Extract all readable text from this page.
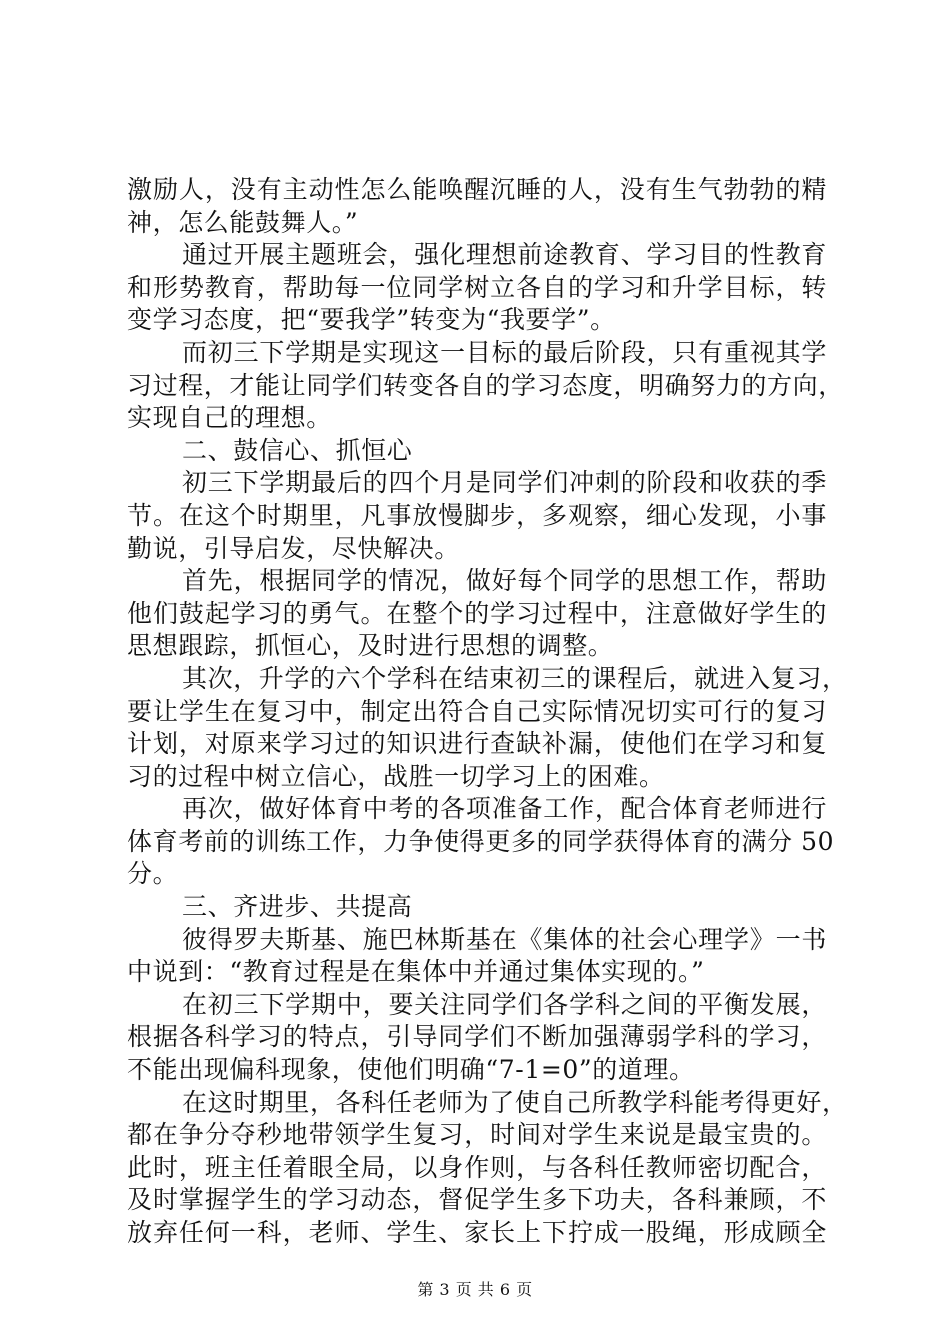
激励人，没有主动性怎么能唤醒沉睡的人，没有生气勃勃的精
神，怎么能鼓舞人。”
通过开展主题班会，强化理想前途教育、学习目的性教育
和形势教育，帮助每一位同学树立各自的学习和升学目标，转
变学习态度，把“要我学”转变为“我要学”。
而初三下学期是实现这一目标的最后阶段，只有重视其学
习过程，才能让同学们转变各自的学习态度，明确努力的方向，
实现自己的理想。
二、鼓信心、抓恒心
初三下学期最后的四个月是同学们冲刺的阶段和收获的季
节。在这个时期里，凡事放慢脚步，多观察，细心发现，小事
勤说，引导启发，尽快解决。
首先，根据同学的情况，做好每个同学的思想工作，帮助
他们鼓起学习的勇气。在整个的学习过程中，注意做好学生的
思想跟踪，抓恒心，及时进行思想的调整。
其次，升学的六个学科在结束初三的课程后，就进入复习，
要让学生在复习中，制定出符合自己实际情况切实可行的复习
计划，对原来学习过的知识进行查缺补漏，使他们在学习和复
习的过程中树立信心，战胜一切学习上的困难。
再次，做好体育中考的各项准备工作，配合体育老师进行
体育考前的训练工作，力争使得更多的同学获得体育的满分 50
分。
三、齐进步、共提高
彼得罗夫斯基、施巴林斯基在《集体的社会心理学》一书
中说到：“教育过程是在集体中并通过集体实现的。”
在初三下学期中，要关注同学们各学科之间的平衡发展，
根据各科学习的特点，引导同学们不断加强薄弱学科的学习，
不能出现偏科现象，使他们明确“7-1=0”的道理。
在这时期里，各科任老师为了使自己所教学科能考得更好，
都在争分夺秒地带领学生复习，时间对学生来说是最宝贵的。
此时，班主任着眼全局，以身作则，与各科任教师密切配合，
及时掌握学生的学习动态，督促学生多下功夫，各科兼顾，不
放弃任何一科，老师、学生、家长上下拧成一股绳，形成顾全
第 3 页 共 6 页
